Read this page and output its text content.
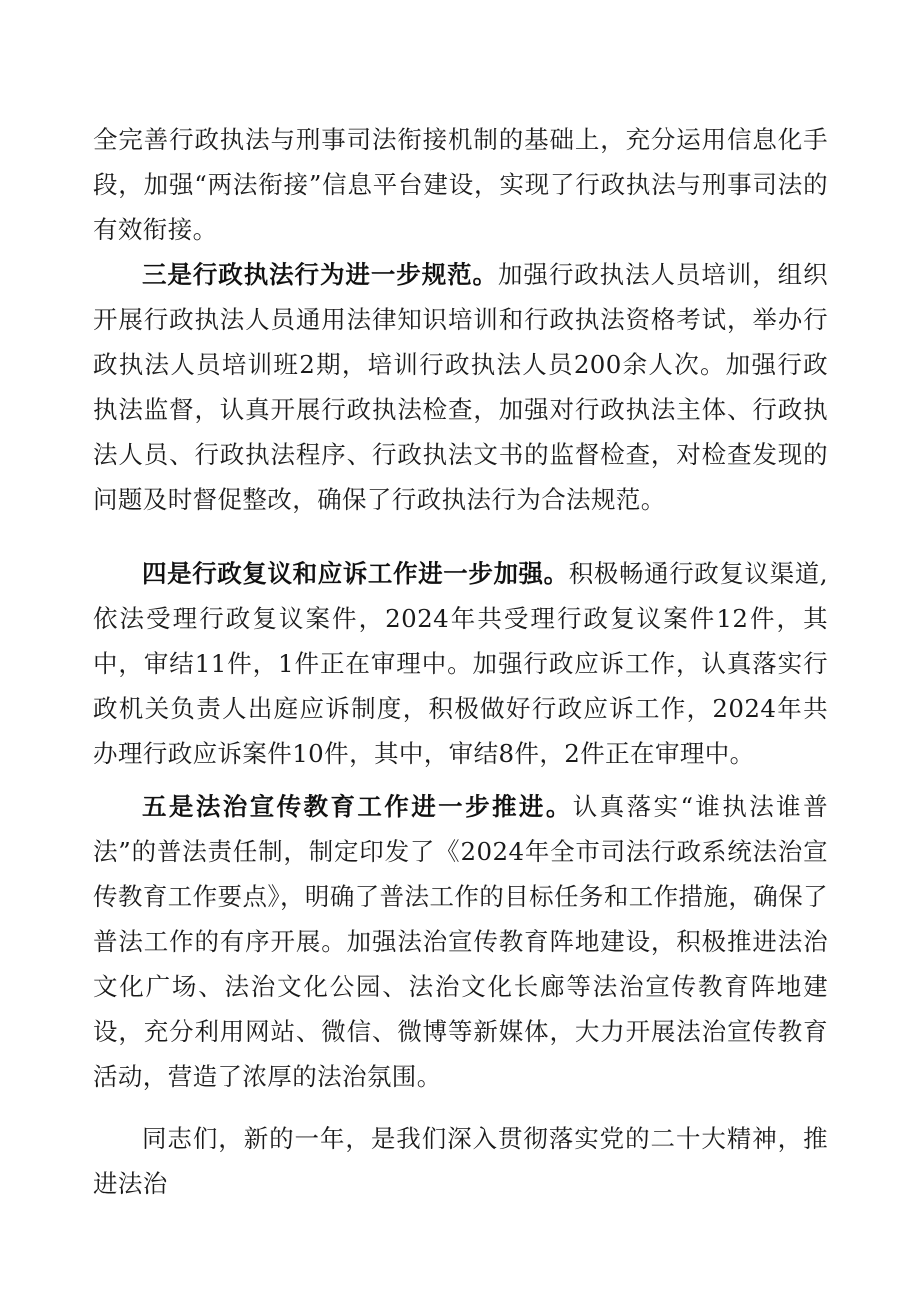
全完善行政执法与刑事司法衔接机制的基础上，充分运用信息化手段，加强“两法衔接”信息平台建设，实现了行政执法与刑事司法的有效衔接。

三是行政执法行为进一步规范。加强行政执法人员培训，组织开展行政执法人员通用法律知识培训和行政执法资格考试，举办行政执法人员培训班2期，培训行政执法人员200余人次。加强行政执法监督，认真开展行政执法检查，加强对行政执法主体、行政执法人员、行政执法程序、行政执法文书的监督检查，对检查发现的问题及时督促整改，确保了行政执法行为合法规范。

四是行政复议和应诉工作进一步加强。积极畅通行政复议渠道,依法受理行政复议案件，2024年共受理行政复议案件12件，其中，审结11件，1件正在审理中。加强行政应诉工作，认真落实行政机关负责人出庭应诉制度，积极做好行政应诉工作，2024年共办理行政应诉案件10件，其中，审结8件，2件正在审理中。

五是法治宣传教育工作进一步推进。认真落实“谁执法谁普法”的普法责任制，制定印发了《2024年全市司法行政系统法治宣传教育工作要点》，明确了普法工作的目标任务和工作措施，确保了普法工作的有序开展。加强法治宣传教育阵地建设，积极推进法治文化广场、法治文化公园、法治文化长廊等法治宣传教育阵地建设，充分利用网站、微信、微博等新媒体，大力开展法治宣传教育活动，营造了浓厚的法治氛围。

同志们，新的一年，是我们深入贯彻落实党的二十大精神，推进法治
